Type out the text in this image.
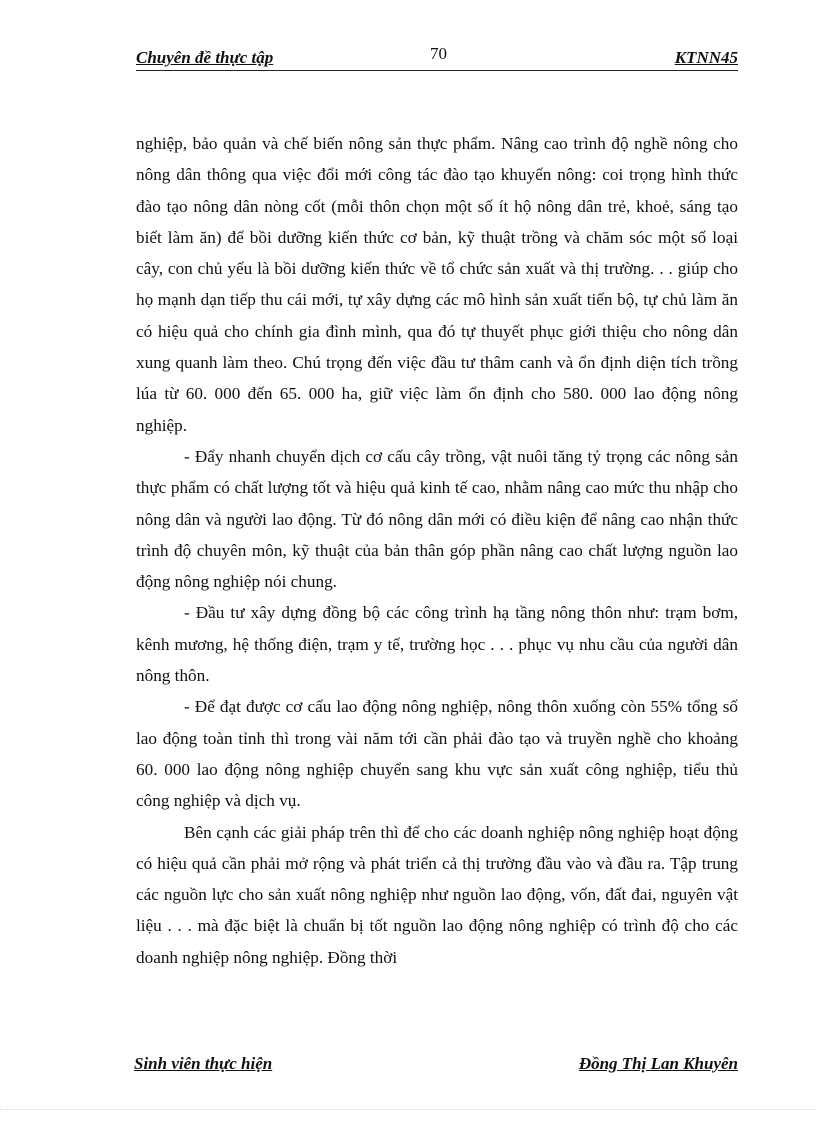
Chuyên đề thực tập	70	KTNN45

nghiệp, bảo quản và chế biến nông sản thực phẩm. Nâng cao trình độ nghề nông cho nông dân thông qua việc đổi mới công tác đào tạo khuyến nông: coi trọng hình thức đào tạo nông dân nòng cốt (mỗi thôn chọn một số ít hộ nông dân trẻ, khoẻ, sáng tạo biết làm ăn) để bồi dưỡng kiến thức cơ bản, kỹ thuật trồng và chăm sóc một số loại cây, con chủ yếu là bồi dưỡng kiến thức về tổ chức sản xuất và thị trường. . . giúp cho họ mạnh dạn tiếp thu cái mới, tự xây dựng các mô hình sản xuất tiến bộ, tự chủ làm ăn có hiệu quả cho chính gia đình mình, qua đó tự thuyết phục giới thiệu cho nông dân xung quanh làm theo. Chú trọng đến việc đầu tư thâm canh và ổn định diện tích trồng lúa từ 60. 000 đến 65. 000 ha, giữ việc làm ổn định cho 580. 000 lao động nông nghiệp.

- Đẩy nhanh chuyển dịch cơ cấu cây trồng, vật nuôi tăng tỷ trọng các nông sản thực phẩm có chất lượng tốt và hiệu quả kinh tế cao, nhằm nâng cao mức thu nhập cho nông dân và người lao động. Từ đó nông dân mới có điều kiện để nâng cao nhận thức trình độ chuyên môn, kỹ thuật của bản thân góp phần nâng cao chất lượng nguồn lao động nông nghiệp nói chung.

- Đầu tư xây dựng đồng bộ các công trình hạ tầng nông thôn như: trạm bơm, kênh mương, hệ thống điện, trạm y tế, trường học . . . phục vụ nhu cầu của người dân nông thôn.

- Để đạt được cơ cấu lao động nông nghiệp, nông thôn xuống còn 55% tổng số lao động toàn tỉnh thì trong vài năm tới cần phải đào tạo và truyền nghề cho khoảng 60. 000 lao động nông nghiệp chuyển sang khu vực sản xuất công nghiệp, tiểu thủ công nghiệp và dịch vụ.

Bên cạnh các giải pháp trên thì để cho các doanh nghiệp nông nghiệp hoạt động có hiệu quả cần phải mở rộng và phát triển cả thị trường đầu vào và đầu ra. Tập trung các nguồn lực cho sản xuất nông nghiệp như nguồn lao động, vốn, đất đai, nguyên vật liệu . . . mà đặc biệt là chuẩn bị tốt nguồn lao động nông nghiệp có trình độ cho các doanh nghiệp nông nghiệp. Đồng thời

Sinh viên thực hiện	Đồng Thị Lan Khuyên
